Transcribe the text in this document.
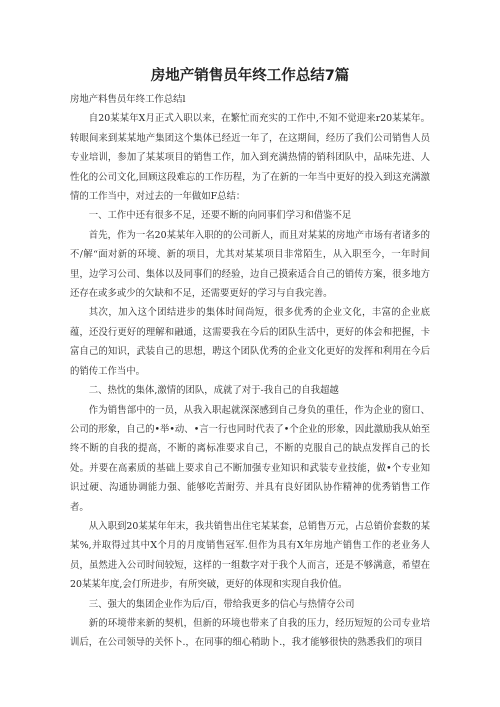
房地产销售员年终工作总结7篇

房地产料售员年终工作总结l

自20某某年X月正式入职以来，在繁忙而充实的工作中,不知不觉迎来r20某某年。转眼间来到某某地产集团这个集体已经近一年了，在这期间，经历了我们公司销售人员专业培训，参加了某某项目的销售工作，加入到充满热情的销科团队中，品味先进、人性化的公司文化,回顾这段难忘的工作历程，为了在新的一年当中更好的投入到这充满激情的工作当中，对过去的一年做如F总结：

一、工作中还有很多不足，还要不断的向同事们学习和借鉴不足

首先，作为一名20某某年入职的的公司新人，而且对某某的房地产市场有者诸多的不/解“面对新的环境、新的项目，尤其对某某项目非常陌生，从入职至今，一年时间里，边学习公司、集体以及同事们的经验，边自己摸索适合自己的销传方案，很多地方还存在或多或少的欠缺和不足，还需要更好的学习与自我完善。

其次，加入这个团结进步的集体时间尚短，很多优秀的企业文化，丰富的企业底蕴，还没行更好的理解和融通，这需要我在今后的团队生活中，更好的体会和把握，卡富自己的知识，武装自己的思想，聘这个团队优秀的企业文化更好的发挥和利用在今后的销传工作当中。

二、热忱的集体,激情的团队，成就了对于-我自己的自我超越

作为销售部中的一员，从我入职起就深深感到自己身负的重任，作为企业的窗口、公司的形象，自己的•举•动、•言一行也同时代表了•个企业的形象，因此激励我从始至终不断的自我的提高，不断的离标准要求自己，不断的克服自己的缺点发挥自己的长处。并要在高素质的基础上要求自己不断加强专业知识和武装专业技能，做•个专业知识过硬、沟通协调能力强、能够吃苦耐劳、并具有良好团队协作精神的优秀销售工作者。

从入职到20某某年年末，我共销售出住宅某某套，总销售万元，占总销价套数的某某%,并取得过其中X个月的月度销售冠军.但作为具有X年房地产销售工作的老业务人员，虽然进入公司时间较短，这样的一组数字对于我个人而言，还是不够满意，希望在20某某年度,会仃所进步，有所突破，更好的体现和实现自我价值。

三、强大的集团企业作为后/百，带给我更多的信心与热情夺公司

新的环境带来新的契机，但新的环境也带来了自我的压力，经历短短的公司专业培训后，在公司领导的关怀卜.，在同事的细心稍助卜.，我才能够很快的熟悉我们的项目
